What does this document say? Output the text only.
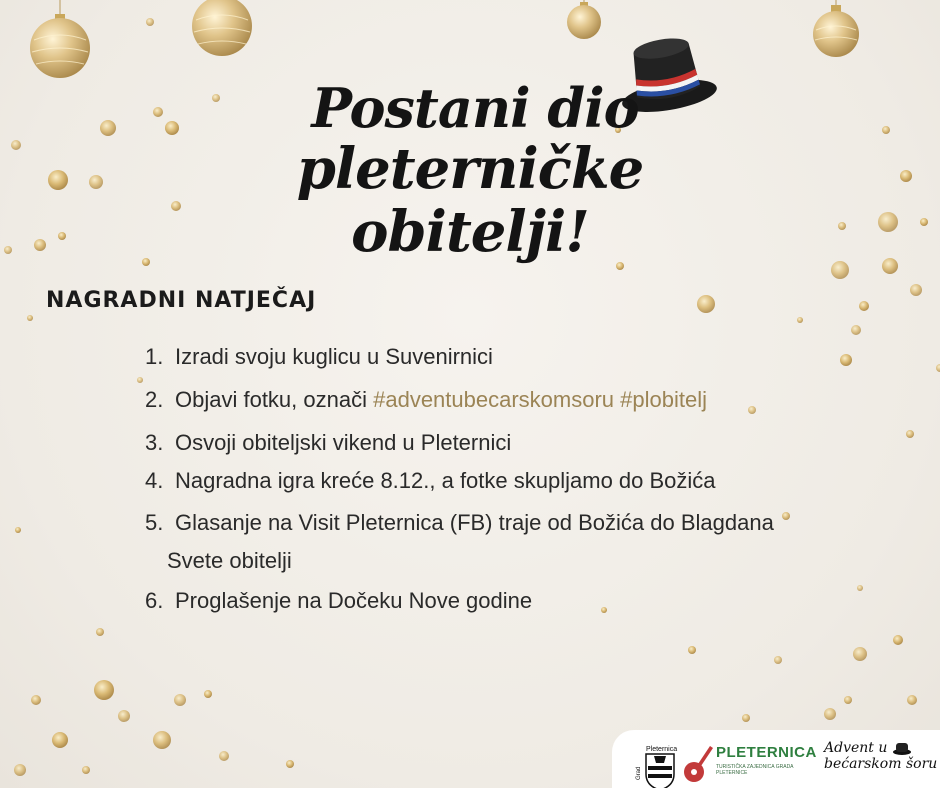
Postani dio
pleterničke obitelji!
NAGRADNI NATJEČAJ
1. Izradi svoju kuglicu u Suvenirnici
2. Objavi fotku, označi #adventubecarskomsoru #plobitelj
3. Osvoji obiteljski vikend u Pleternici
4. Nagradna igra kreće 8.12., a fotke skupljamo do Božića
5. Glasanje na Visit Pleternica (FB) traje od Božića do Blagdana
Svete obitelji
6. Proglašenje na Dočeku Nove godine
Pleternica
Grad
PLETERNICA
TURISTIČKA ZAJEDNICA GRADA PLETERNICE
Advent u
bećarskom šoru
